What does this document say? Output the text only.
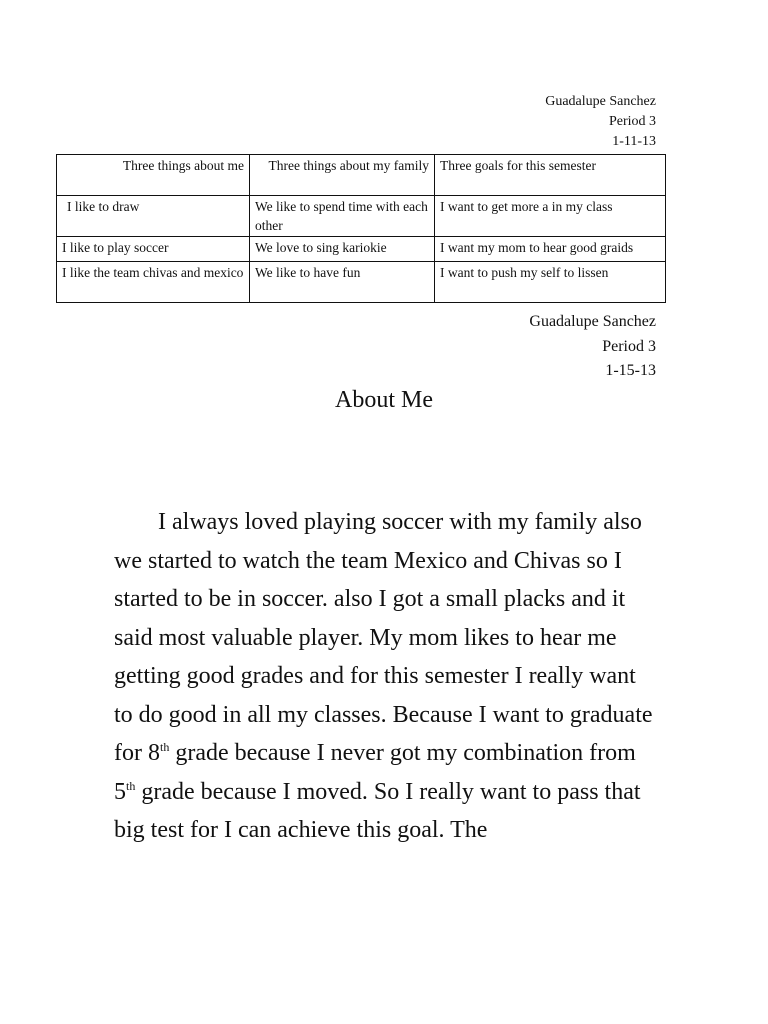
Guadalupe Sanchez
Period 3
1-11-13
Three things about me	Three things about my family	Three goals for this semester
I like to draw	We like to spend time with each other	I want to get more a in my class
I like to play soccer	We love to sing kariokie	I want my mom to hear good graids
I like the team chivas and mexico	We like to have fun	I want to push my self to lissen
Guadalupe Sanchez
Period 3
1-15-13
About Me

I always loved playing soccer with my family also we started to watch the team Mexico and Chivas so I started to be in soccer. also I got a small placks and it said most valuable player. My mom likes to hear me getting good grades and for this semester I really want to do good in all my classes. Because I want to graduate for 8th grade because I never got my combination from 5th grade because I moved. So I really want to pass that big test for I can achieve this goal. The
